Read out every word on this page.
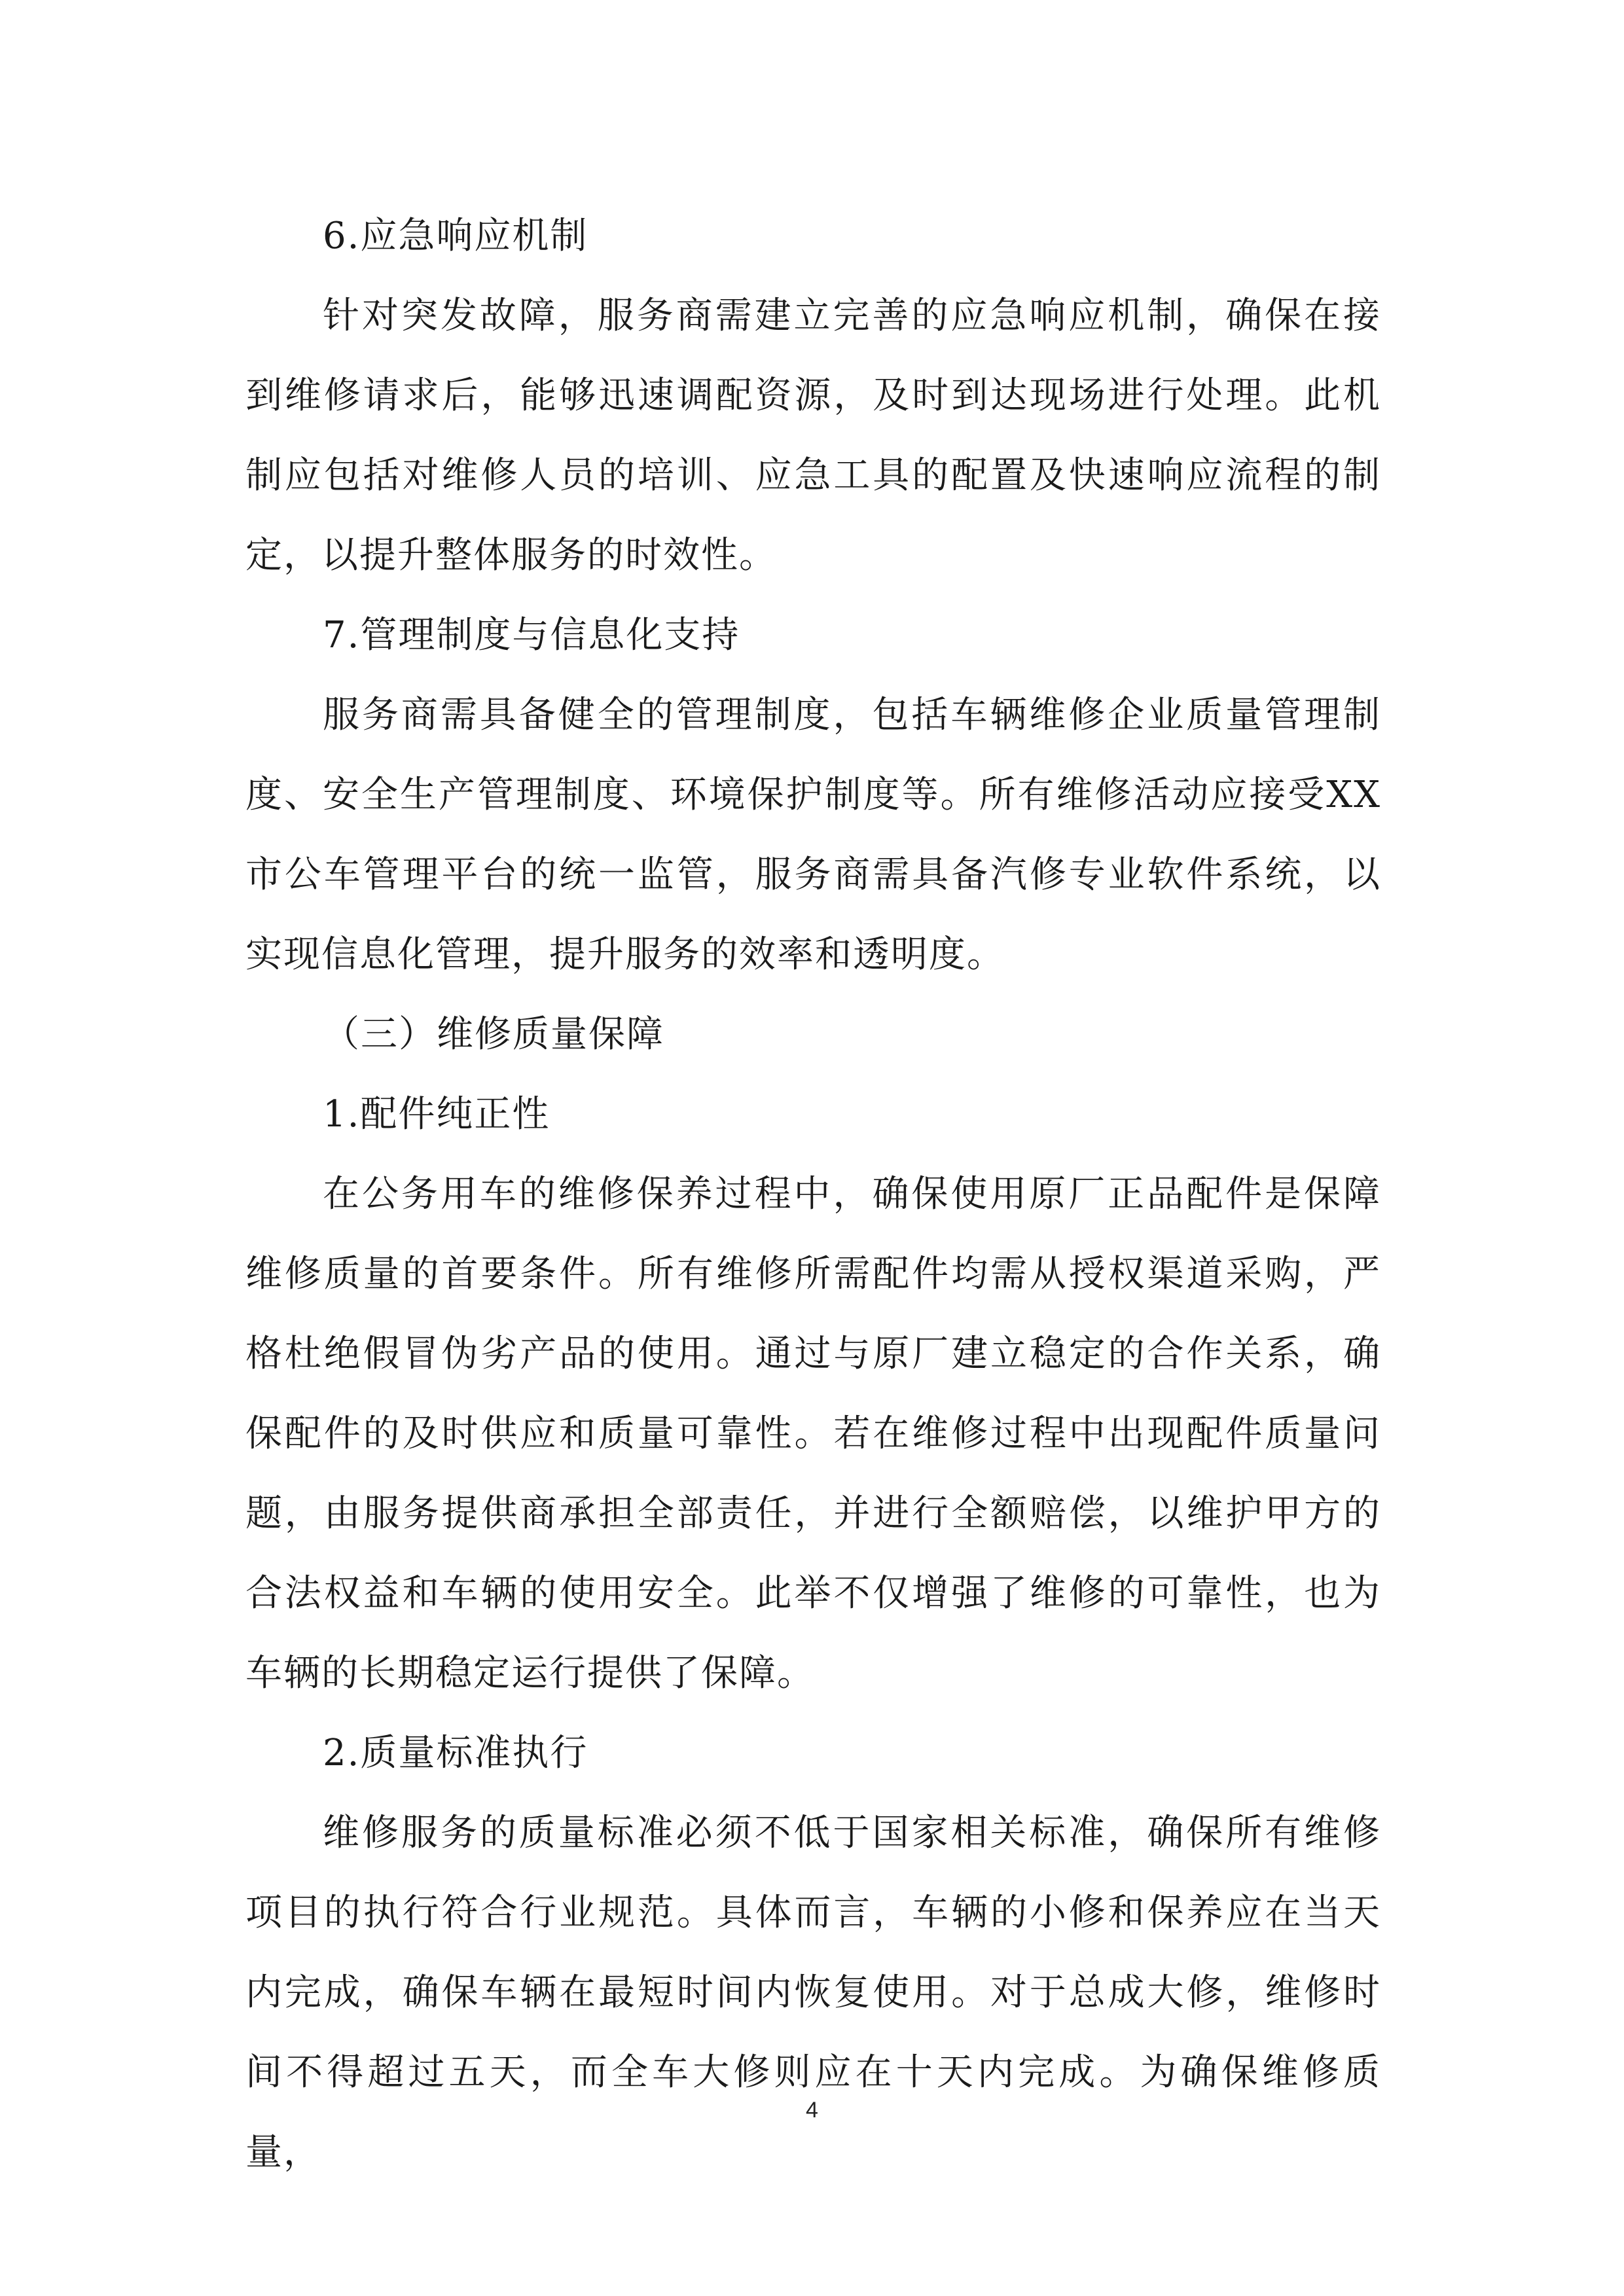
6.应急响应机制

针对突发故障，服务商需建立完善的应急响应机制，确保在接到维修请求后，能够迅速调配资源，及时到达现场进行处理。此机制应包括对维修人员的培训、应急工具的配置及快速响应流程的制定，以提升整体服务的时效性。

7.管理制度与信息化支持

服务商需具备健全的管理制度，包括车辆维修企业质量管理制度、安全生产管理制度、环境保护制度等。所有维修活动应接受XX市公车管理平台的统一监管，服务商需具备汽修专业软件系统，以实现信息化管理，提升服务的效率和透明度。

（三）维修质量保障

1.配件纯正性

在公务用车的维修保养过程中，确保使用原厂正品配件是保障维修质量的首要条件。所有维修所需配件均需从授权渠道采购，严格杜绝假冒伪劣产品的使用。通过与原厂建立稳定的合作关系，确保配件的及时供应和质量可靠性。若在维修过程中出现配件质量问题，由服务提供商承担全部责任，并进行全额赔偿，以维护甲方的合法权益和车辆的使用安全。此举不仅增强了维修的可靠性，也为车辆的长期稳定运行提供了保障。

2.质量标准执行

维修服务的质量标准必须不低于国家相关标准，确保所有维修项目的执行符合行业规范。具体而言，车辆的小修和保养应在当天内完成，确保车辆在最短时间内恢复使用。对于总成大修，维修时间不得超过五天，而全车大修则应在十天内完成。为确保维修质量，

4
